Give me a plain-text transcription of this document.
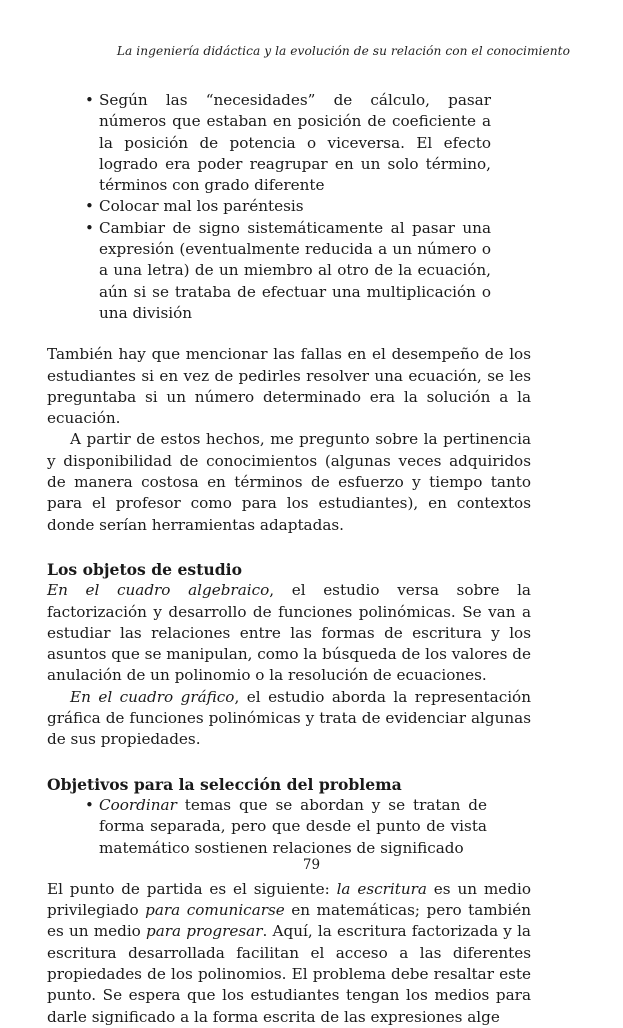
La ingeniería didáctica y la evolución de su relación con el conocimiento
• Según las “necesidades” de cálculo, pasar números que estaban en posición de coeficiente a la posición de potencia o viceversa. El efecto logrado era poder reagrupar en un solo término, términos con grado diferente
• Colocar mal los paréntesis
• Cambiar de signo sistemáticamente al pasar una expresión (eventualmente reducida a un número o a una letra) de un miembro al otro de la ecuación, aún si se trataba de efectuar una multiplicación o una división

También hay que mencionar las fallas en el desempeño de los estudiantes si en vez de pedirles resolver una ecuación, se les preguntaba si un número determinado era la solución a la ecuación.

A partir de estos hechos, me pregunto sobre la pertinencia y disponibilidad de conocimientos (algunas veces adquiridos de manera costosa en términos de esfuerzo y tiempo tanto para el profesor como para los estudiantes), en contextos donde serían herramientas adaptadas.

Los objetos de estudio

En el cuadro algebraico, el estudio versa sobre la factorización y desarrollo de funciones polinómicas. Se van a estudiar las relaciones entre las formas de escritura y los asuntos que se manipulan, como la búsqueda de los valores de anulación de un polinomio o la resolución de ecuaciones.

En el cuadro gráfico, el estudio aborda la representación gráfica de funciones polinómicas y trata de evidenciar algunas de sus propiedades.

Objetivos para la selección del problema
• Coordinar temas que se abordan y se tratan de forma separada, pero que desde el punto de vista matemático sostienen relaciones de significado

El punto de partida es el siguiente: la escritura es un medio privilegiado para comunicarse en matemáticas; pero también es un medio para progresar. Aquí, la escritura factorizada y la escritura desarrollada facilitan el acceso a las diferentes propiedades de los polinomios. El problema debe resaltar este punto. Se espera que los estudiantes tengan los medios para darle significado a la forma escrita de las expresiones alge

79
